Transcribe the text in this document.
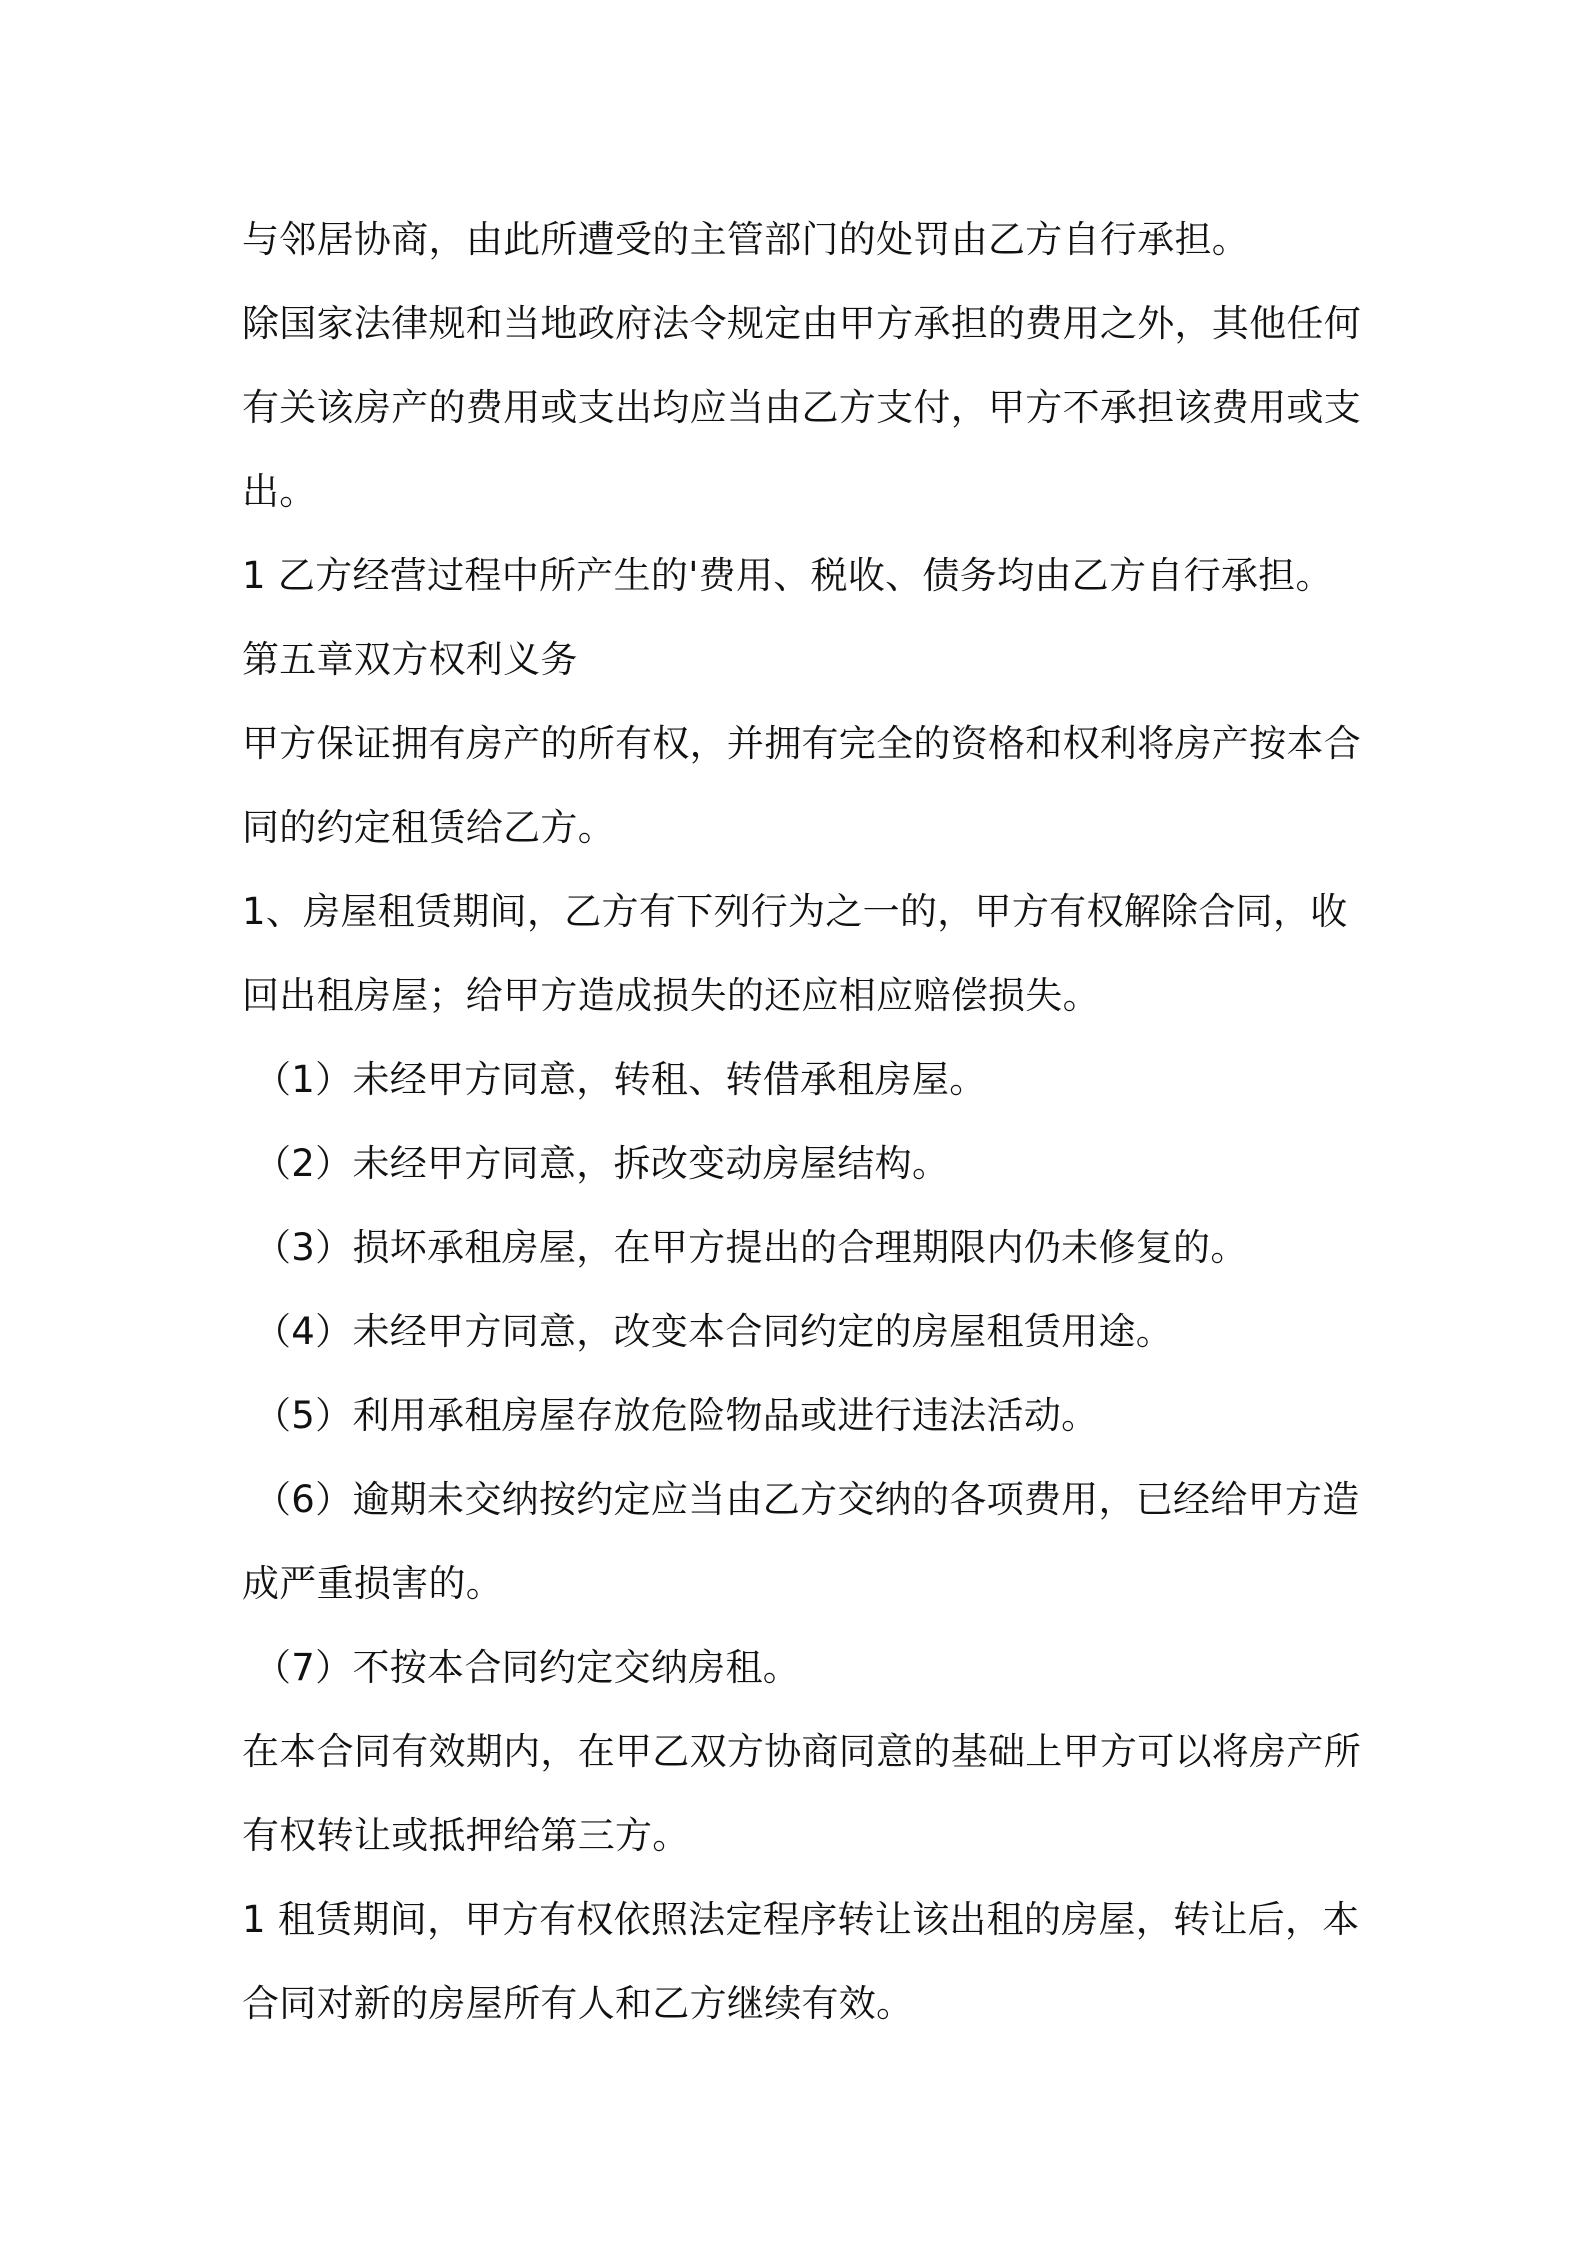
与邻居协商，由此所遭受的主管部门的处罚由乙方自行承担。
除国家法律规和当地政府法令规定由甲方承担的费用之外，其他任何
有关该房产的费用或支出均应当由乙方支付，甲方不承担该费用或支
出。
1 乙方经营过程中所产生的'费用、税收、债务均由乙方自行承担。
第五章双方权利义务
甲方保证拥有房产的所有权，并拥有完全的资格和权利将房产按本合
同的约定租赁给乙方。
1、房屋租赁期间，乙方有下列行为之一的，甲方有权解除合同，收
回出租房屋；给甲方造成损失的还应相应赔偿损失。
（1）未经甲方同意，转租、转借承租房屋。
（2）未经甲方同意，拆改变动房屋结构。
（3）损坏承租房屋，在甲方提出的合理期限内仍未修复的。
（4）未经甲方同意，改变本合同约定的房屋租赁用途。
（5）利用承租房屋存放危险物品或进行违法活动。
（6）逾期未交纳按约定应当由乙方交纳的各项费用，已经给甲方造
成严重损害的。
（7）不按本合同约定交纳房租。
在本合同有效期内，在甲乙双方协商同意的基础上甲方可以将房产所
有权转让或抵押给第三方。
1 租赁期间，甲方有权依照法定程序转让该出租的房屋，转让后，本
合同对新的房屋所有人和乙方继续有效。
